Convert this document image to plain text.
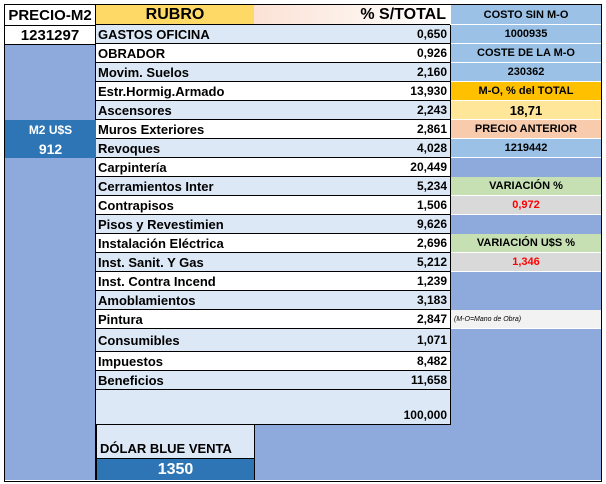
PRECIO-M2
1231297
M2 U$S
912
RUBRO	% S/TOTAL
GASTOS OFICINA	0,650
OBRADOR	0,926
Movim. Suelos	2,160
Estr.Hormig.Armado	13,930
Ascensores	2,243
Muros Exteriores	2,861
Revoques	4,028
Carpintería	20,449
Cerramientos Inter	5,234
Contrapisos	1,506
Pisos y Revestimien	9,626
Instalación Eléctrica	2,696
Inst. Sanit. Y Gas	5,212
Inst. Contra Incend	1,239
Amoblamientos	3,183
Pintura	2,847
Consumibles	1,071
Impuestos	8,482
Beneficios	11,658
100,000
DÓLAR BLUE VENTA
1350
COSTO SIN M-O
1000935
COSTE DE LA M-O
230362
M-O, % del TOTAL
18,71
PRECIO ANTERIOR
1219442
VARIACIÓN %
0,972
VARIACIÓN U$S %
1,346
(M-O=Mano de Obra)
